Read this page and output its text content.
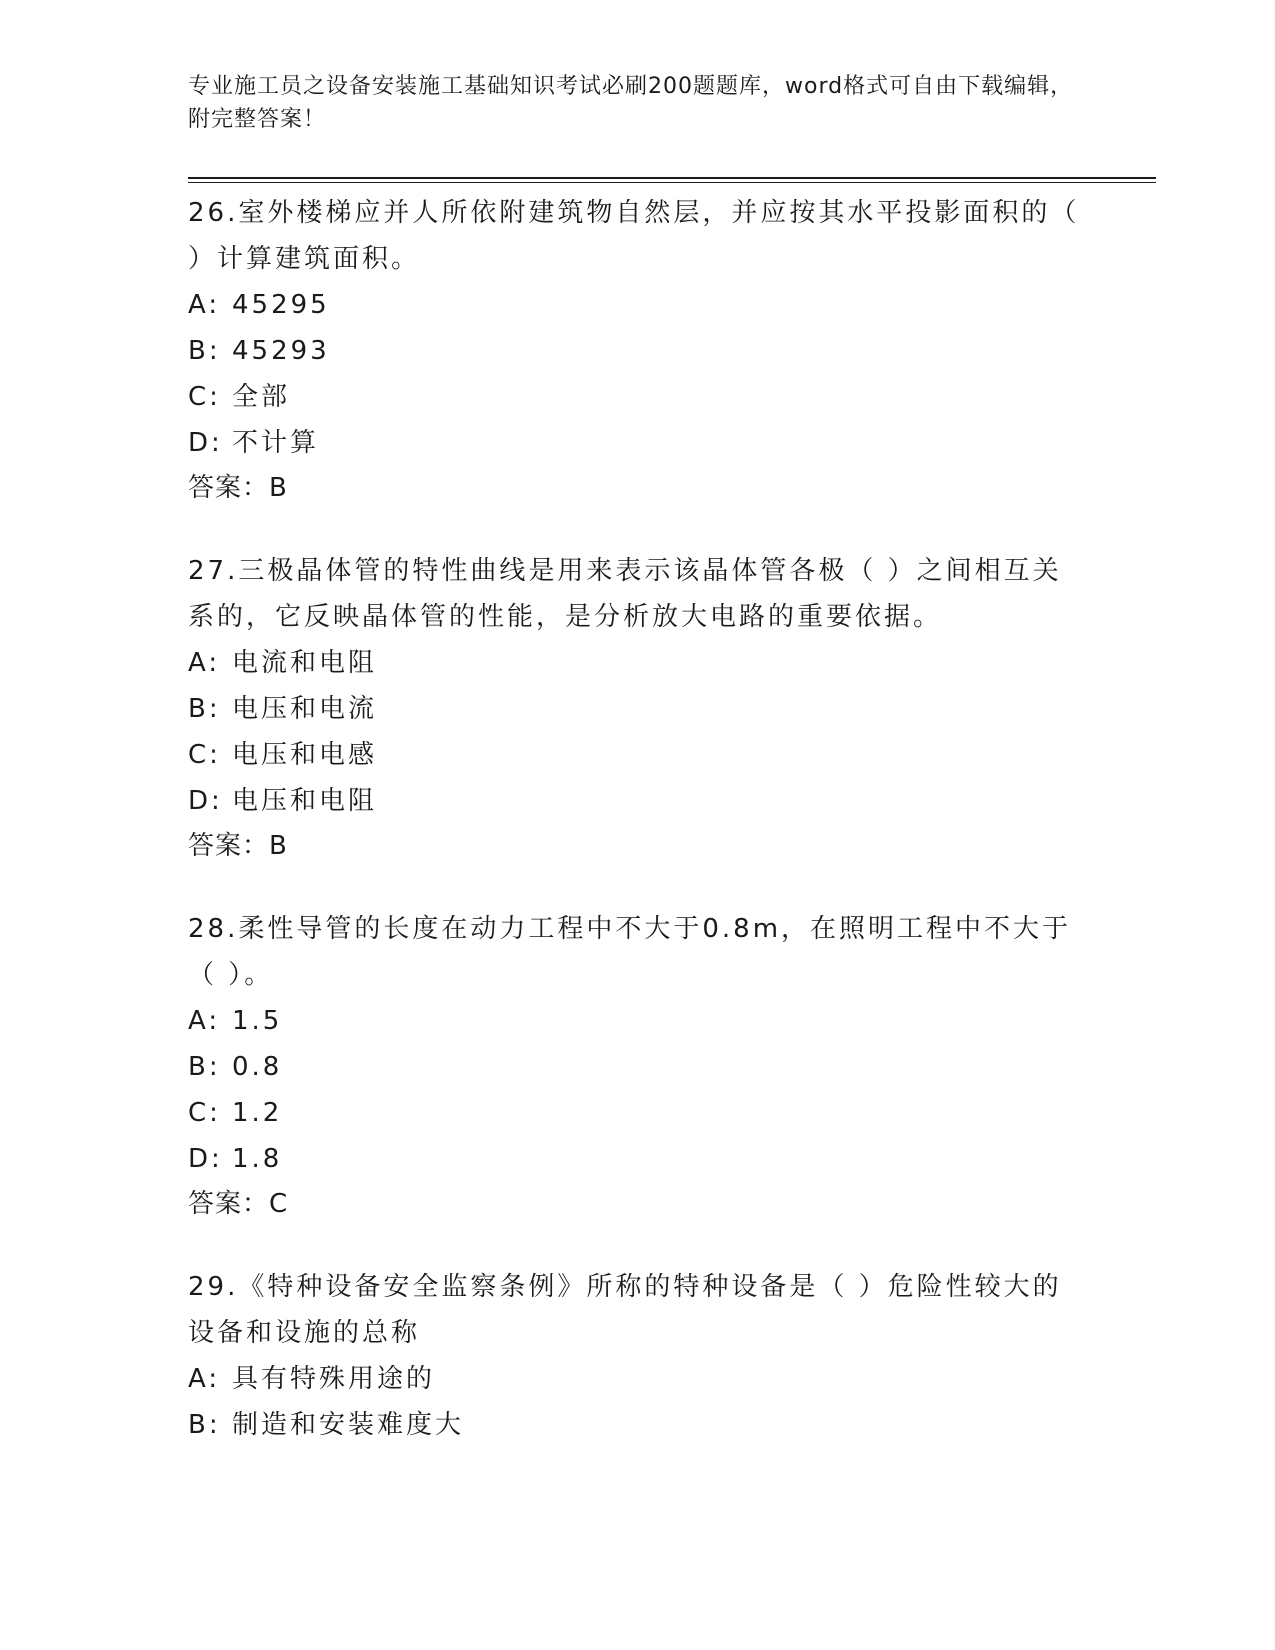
专业施工员之设备安装施工基础知识考试必刷200题题库，word格式可自由下载编辑，附完整答案！
26.室外楼梯应并人所依附建筑物自然层，并应按其水平投影面积的（ ）计算建筑面积。
A: 45295
B: 45293
C: 全部
D: 不计算
答案：B
27.三极晶体管的特性曲线是用来表示该晶体管各极（ ）之间相互关系的，它反映晶体管的性能，是分析放大电路的重要依据。
A: 电流和电阻
B: 电压和电流
C: 电压和电感
D: 电压和电阻
答案：B
28.柔性导管的长度在动力工程中不大于0.8m，在照明工程中不大于（ ）。
A: 1.5
B: 0.8
C: 1.2
D: 1.8
答案：C
29.《特种设备安全监察条例》所称的特种设备是（ ）危险性较大的设备和设施的总称
A: 具有特殊用途的
B: 制造和安装难度大
